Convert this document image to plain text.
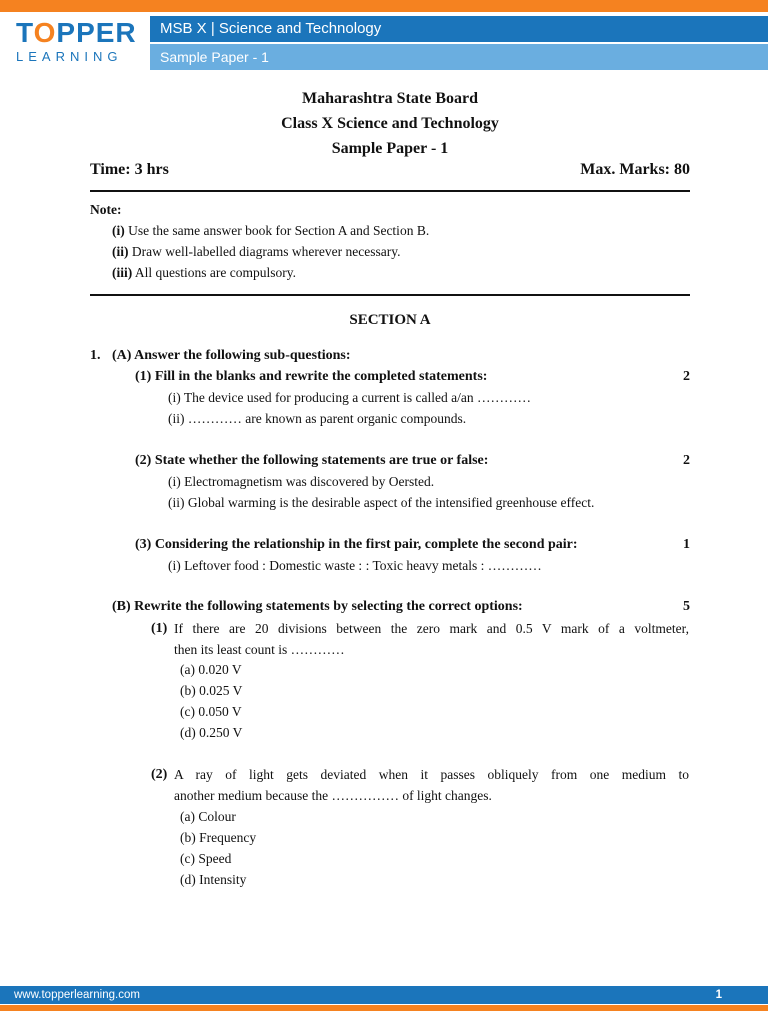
TOPPER
LEARNING
MSB X | Science and Technology
Sample Paper - 1
Maharashtra State Board
Class X Science and Technology
Sample Paper - 1
Time: 3 hrs	Max. Marks: 80
Note:
(i) Use the same answer book for Section A and Section B.
(ii) Draw well-labelled diagrams wherever necessary.
(iii) All questions are compulsory.
SECTION A
1. (A) Answer the following sub-questions:
(1) Fill in the blanks and rewrite the completed statements:	2
(i) The device used for producing a current is called a/an …………
(ii) ………… are known as parent organic compounds.
(2) State whether the following statements are true or false:	2
(i) Electromagnetism was discovered by Oersted.
(ii) Global warming is the desirable aspect of the intensified greenhouse effect.
(3) Considering the relationship in the first pair, complete the second pair:	1
(i) Leftover food : Domestic waste : : Toxic heavy metals : …………
(B) Rewrite the following statements by selecting the correct options:	5
(1) If there are 20 divisions between the zero mark and 0.5 V mark of a voltmeter,
then its least count is …………
(a) 0.020 V
(b) 0.025 V
(c) 0.050 V
(d) 0.250 V
(2) A ray of light gets deviated when it passes obliquely from one medium to
another medium because the …………… of light changes.
(a) Colour
(b) Frequency
(c) Speed
(d) Intensity
www.topperlearning.com	1
